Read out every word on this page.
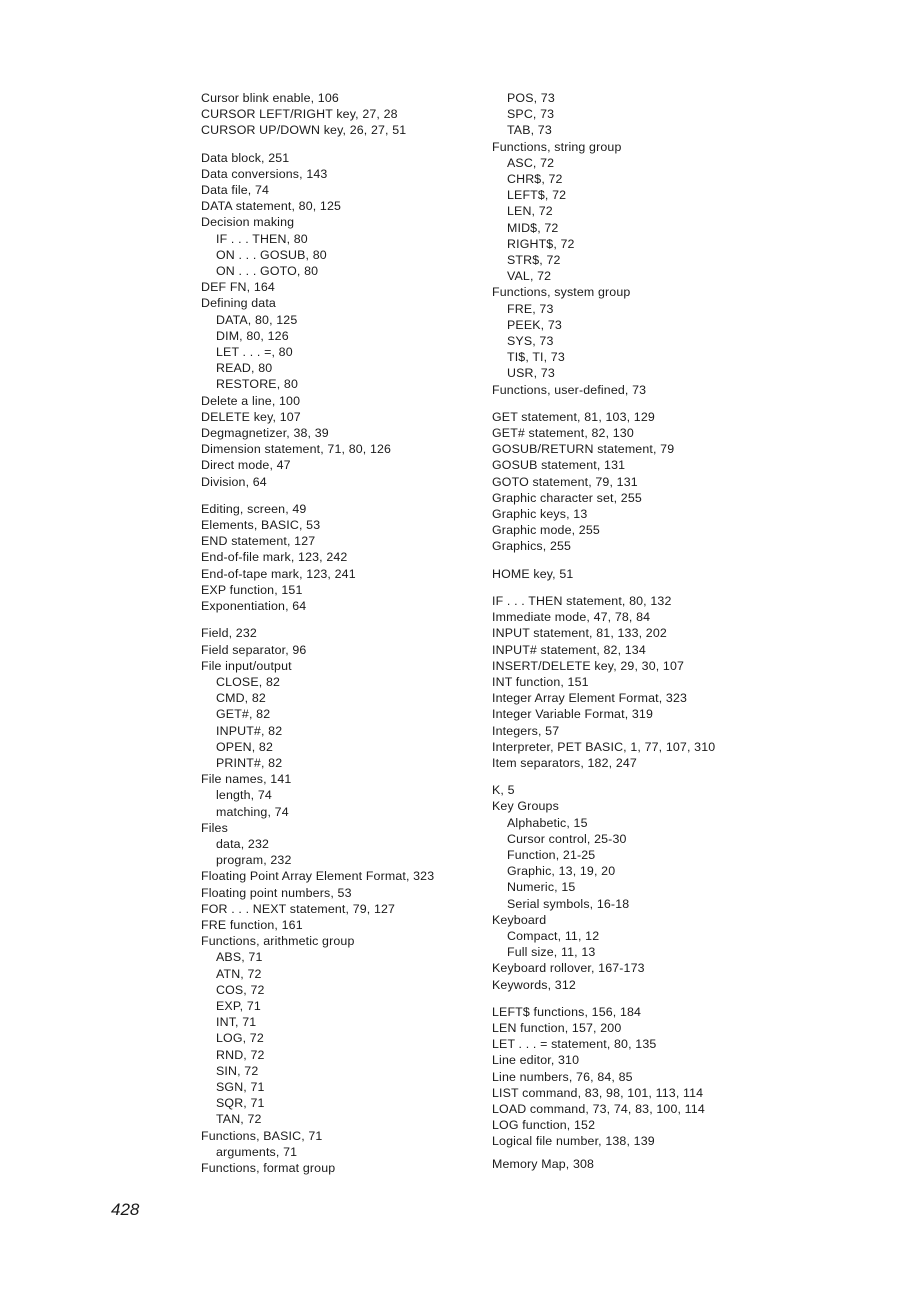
Cursor blink enable, 106
CURSOR LEFT/RIGHT key, 27, 28
CURSOR UP/DOWN key, 26, 27, 51
Data block, 251
Data conversions, 143
Data file, 74
DATA statement, 80, 125
Decision making
IF . . . THEN, 80
ON . . . GOSUB, 80
ON . . . GOTO, 80
DEF FN, 164
Defining data
DATA, 80, 125
DIM, 80, 126
LET . . . =, 80
READ, 80
RESTORE, 80
Delete a line, 100
DELETE key, 107
Degmagnetizer, 38, 39
Dimension statement, 71, 80, 126
Direct mode, 47
Division, 64
Editing, screen, 49
Elements, BASIC, 53
END statement, 127
End-of-file mark, 123, 242
End-of-tape mark, 123, 241
EXP function, 151
Exponentiation, 64
Field, 232
Field separator, 96
File input/output
CLOSE, 82
CMD, 82
GET#, 82
INPUT#, 82
OPEN, 82
PRINT#, 82
File names, 141
length, 74
matching, 74
Files
data, 232
program, 232
Floating Point Array Element Format, 323
Floating point numbers, 53
FOR . . . NEXT statement, 79, 127
FRE function, 161
Functions, arithmetic group
ABS, 71
ATN, 72
COS, 72
EXP, 71
INT, 71
LOG, 72
RND, 72
SIN, 72
SGN, 71
SQR, 71
TAN, 72
Functions, BASIC, 71
arguments, 71
Functions, format group
POS, 73
SPC, 73
TAB, 73
Functions, string group
ASC, 72
CHR$, 72
LEFT$, 72
LEN, 72
MID$, 72
RIGHT$, 72
STR$, 72
VAL, 72
Functions, system group
FRE, 73
PEEK, 73
SYS, 73
TI$, TI, 73
USR, 73
Functions, user-defined, 73
GET statement, 81, 103, 129
GET# statement, 82, 130
GOSUB/RETURN statement, 79
GOSUB statement, 131
GOTO statement, 79, 131
Graphic character set, 255
Graphic keys, 13
Graphic mode, 255
Graphics, 255
HOME key, 51
IF . . . THEN statement, 80, 132
Immediate mode, 47, 78, 84
INPUT statement, 81, 133, 202
INPUT# statement, 82, 134
INSERT/DELETE key, 29, 30, 107
INT function, 151
Integer Array Element Format, 323
Integer Variable Format, 319
Integers, 57
Interpreter, PET BASIC, 1, 77, 107, 310
Item separators, 182, 247
K, 5
Key Groups
Alphabetic, 15
Cursor control, 25-30
Function, 21-25
Graphic, 13, 19, 20
Numeric, 15
Serial symbols, 16-18
Keyboard
Compact, 11, 12
Full size, 11, 13
Keyboard rollover, 167-173
Keywords, 312
LEFT$ functions, 156, 184
LEN function, 157, 200
LET . . . = statement, 80, 135
Line editor, 310
Line numbers, 76, 84, 85
LIST command, 83, 98, 101, 113, 114
LOAD command, 73, 74, 83, 100, 114
LOG function, 152
Logical file number, 138, 139
Memory Map, 308
428
